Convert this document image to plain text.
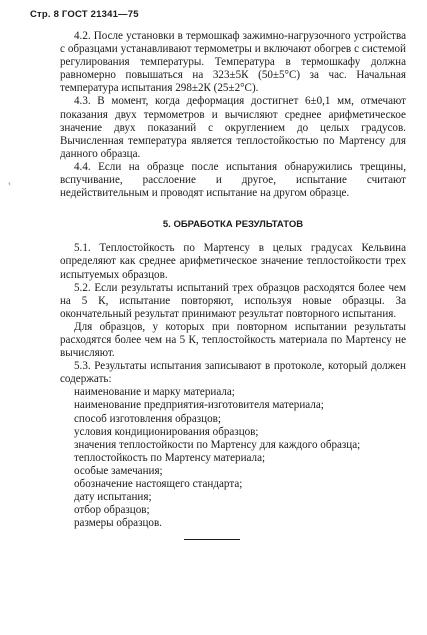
Стр. 8 ГОСТ 21341—75
‹

4.2. После установки в термошкаф зажимно-нагрузочного устройства с образцами устанавливают термометры и включают обогрев с системой регулирования температуры. Температура в термошкафу должна равномерно повышаться на 323±5К (50±5°С) за час. Начальная температура испытания 298±2К (25±2°С).

4.3. В момент, когда деформация достигнет 6±0,1 мм, отмечают показания двух термометров и вычисляют среднее арифметическое значение двух показаний с округлением до целых градусов. Вычисленная температура является теплостойкостью по Мартенсу для данного образца.

4.4. Если на образце после испытания обнаружились трещины, вспучивание, расслоение и другое, испытание считают недействительным и проводят испытание на другом образце.

5. ОБРАБОТКА РЕЗУЛЬТАТОВ

5.1. Теплостойкость по Мартенсу в целых градусах Кельвина определяют как среднее арифметическое значение теплостойкости трех испытуемых образцов.

5.2. Если результаты испытаний трех образцов расходятся более чем на 5 К, испытание повторяют, используя новые образцы. За окончательный результат принимают результат повторного испытания.

Для образцов, у которых при повторном испытании результаты расходятся более чем на 5 К, теплостойкость материала по Мартенсу не вычисляют.

5.3. Результаты испытания записывают в протоколе, который должен содержать:

наименование и марку материала;
наименование предприятия-изготовителя материала;
способ изготовления образцов;
условия кондиционирования образцов;
значения теплостойкости по Мартенсу для каждого образца;
теплостойкость по Мартенсу материала;
особые замечания;
обозначение настоящего стандарта;
дату испытания;
отбор образцов;
размеры образцов.
